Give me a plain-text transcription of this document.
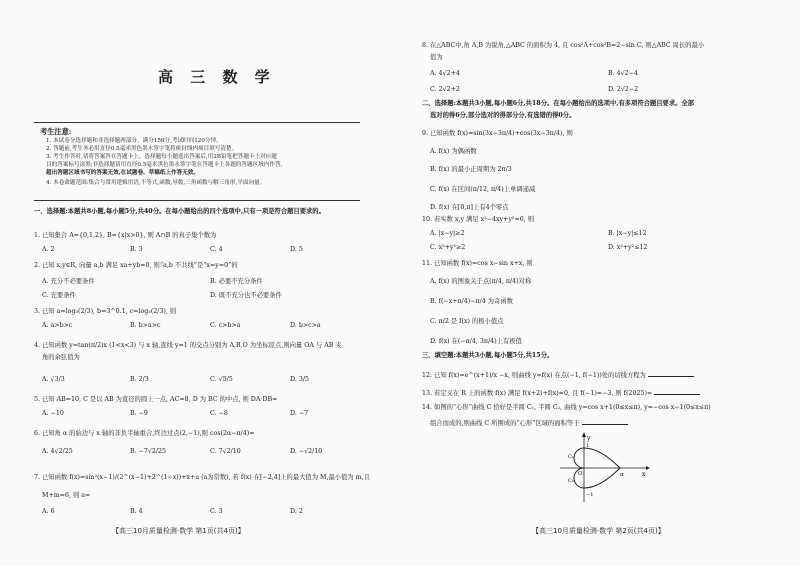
高 三 数 学
考生注意:
1. 本试卷分选择题和非选择题两部分。满分150分,考试时间120分钟。
2. 答题前,考生务必用直径0.5毫米黑色墨水签字笔将密封线内项目填写清楚。
3. 考生作答时,请将答案答在答题卡上。选择题每小题选出答案后,用2B铅笔把答题卡上对应题
目的答案标号涂黑;非选择题请用直径0.5毫米黑色墨水签字笔在答题卡上各题的答题区域内作答,
超出答题区域书写的答案无效,在试题卷、草稿纸上作答无效。
4. 本卷命题范围:集合与常用逻辑用语,不等式,函数,导数,三角函数与解三角形,平面向量。
一、选择题:本题共8小题,每小题5分,共40分。在每小题给出的四个选项中,只有一项是符合题目要求的。
1. 已知集合 A={0,1,2}, B={x|x>0}, 则 A∩B 的真子集个数为
A. 2	B. 3	C. 4	D. 5
2. 已知 x,y∈R, 向量 a,b 满足 xa+yb=0, 则“a,b 不共线”是“x=y=0”的
A. 充分不必要条件	B. 必要不充分条件
C. 充要条件	D. 既不充分也不必要条件
3. 已知 a=log₃(2/3), b=3^0.1, c=log₃(2/3), 则
A. a>b>c	B. b>a>c	C. c>b>a	D. b>c>a
4. 已知函数 y=tan(π/2)x (1<x<3) 与 x 轴,直线 y=1 的交点分别为 A,B,O 为坐标原点,则向量 OA 与 AB 夹
角的余弦值为
A. √3/3	B. 2/3	C. √5/5	D. 3/5
5. 已知 AB=10, C 是以 AB 为直径的圆上一点, AC=8, D 为 BC 的中点, 则 DA·DB=
A. −10	B. −9	C. −8	D. −7
6. 已知角 α 的始边与 x 轴的非负半轴重合,终边过点(2,−1),则 cos(2α−π/4)=
A. 4√2/25	B. −7√2/25	C. 7√2/10	D. −√2/10
7. 已知函数 f(x)=sin²(x−1)/(2^(x−1)+2^(1−x))+x+a (a为常数), 若 f(x) 在[−2,4]上的最大值为 M,最小值为 m,且
M+m=6, 则 a=
A. 6	B. 4	C. 3	D. 2
【高三10月质量检测·数学 第1页(共4页)】
8. 在△ABC中,角 A,B 为锐角,△ABC 的面积为 4, 且 cos²A+cos²B=2−sin C, 则△ABC 周长的最小
值为
A. 4√2+4	B. 4√2−4
C. 2√2+2	D. 2√2−2
二、选择题:本题共3小题,每小题6分,共18分。在每小题给出的选项中,有多项符合题目要求。全部
选对的得6分,部分选对的得部分分,有选错的得0分。
9. 已知函数 f(x)=sin(3x−3π/4)+cos(3x−3π/4), 则
A. f(x) 为偶函数
B. f(x) 的最小正周期为 2π/3
C. f(x) 在区间(π/12, π/4)上单调递减
D. f(x) 在[0,π]上有4个零点
10. 若实数 x,y 满足 x²−4xy+y²=6, 则
A. |x−y|≥2	B. |x−y|≤12
C. x²+y²≥2	D. x²+y²≤12
11. 已知函数 f(x)=cos x−sin x+x, 则
A. f(x) 的图象关于点(π/4, π/4)对称
B. f(−x+π/4)−π/4 为奇函数
C. π/2 是 f(x) 的极小值点
D. f(x) 在(−π/4, 3π/4)上有极值
三、填空题:本题共3小题,每小题5分,共15分。
12. 已知 f(x)=e^(x+1)/x −x, 则曲线 y=f(x) 在点(−1, f(−1))处的切线方程为
13. 若定义在 R 上的函数 f(x) 满足 f(x+2)+f(x)=0, 且 f(−1)=−3, 则 f(2025)=
14. 如图的“心形”曲线 C 恰好是半圆 C₁, 半圆 C₂, 曲线 y=cos x+1(0≤x≤π), y=−cos x−1(0≤x≤π)
组合而成的,则曲线 C 所围成的“心形”区域的面积等于
y
O	x
π
1
−1
C₁
C₂
【高三10月质量检测·数学 第2页(共4页)】
